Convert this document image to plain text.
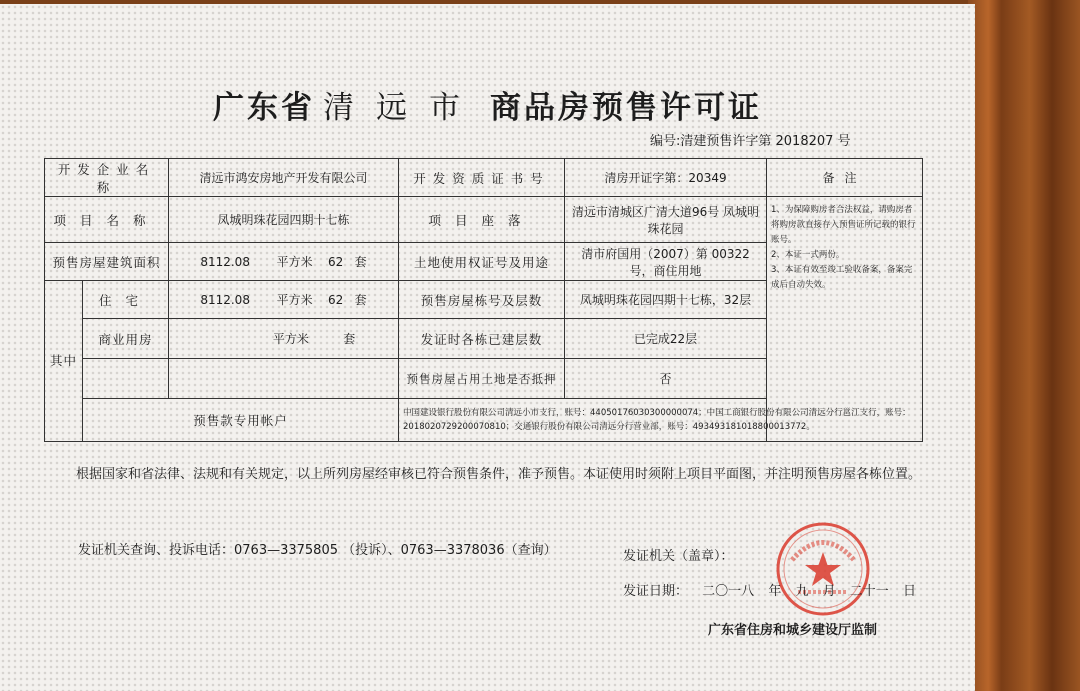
广东省 清远市 商品房预售许可证
编号:清建预售许字第 2018207 号
开发企业名称		清远市鸿安房地产开发有限公司	开发资质证书号	清房开证字第：20349	备注
项目名称		凤城明珠花园四期十七栋	项目座落	清远市清城区广清大道96号 凤城明珠花园	1、为保障购房者合法权益，请购房者将购房款直接存入预售证所记载的银行账号。
2、本证一式两份。
3、本证有效至竣工验收备案，备案完成后自动失效。

预售房屋建筑面积		8112.08 平方米 62 套	土地使用权证号及用途	清市府国用（2007）第 00322 号，商住用地	
其中	住宅	8112.08 平方米 62 套	预售房屋栋号及层数	凤城明珠花园四期十七栋，32层	
	商业用房	平方米 套	发证时各栋已建层数	已完成22层	
			预售房屋占用土地是否抵押	否	
	预售款专用帐户		中国建设银行股份有限公司清远小市支行，账号：44050176030300000074；中国工商银行股份有限公司清远分行邕江支行，账号：2018020729200070810；交通银行股份有限公司清远分行营业部，账号：493493181018800013772。		
根据国家和省法律、法规和有关规定，以上所列房屋经审核已符合预售条件，准予预售。本证使用时须附上项目平面图，并注明预售房屋各栋位置。
发证机关查询、投诉电话：0763—3375805 （投诉）、0763—3378036（查询）	发证机关（盖章）：
发证日期： 二〇一八 年 九 月 二十一 日
广东省住房和城乡建设厅监制
